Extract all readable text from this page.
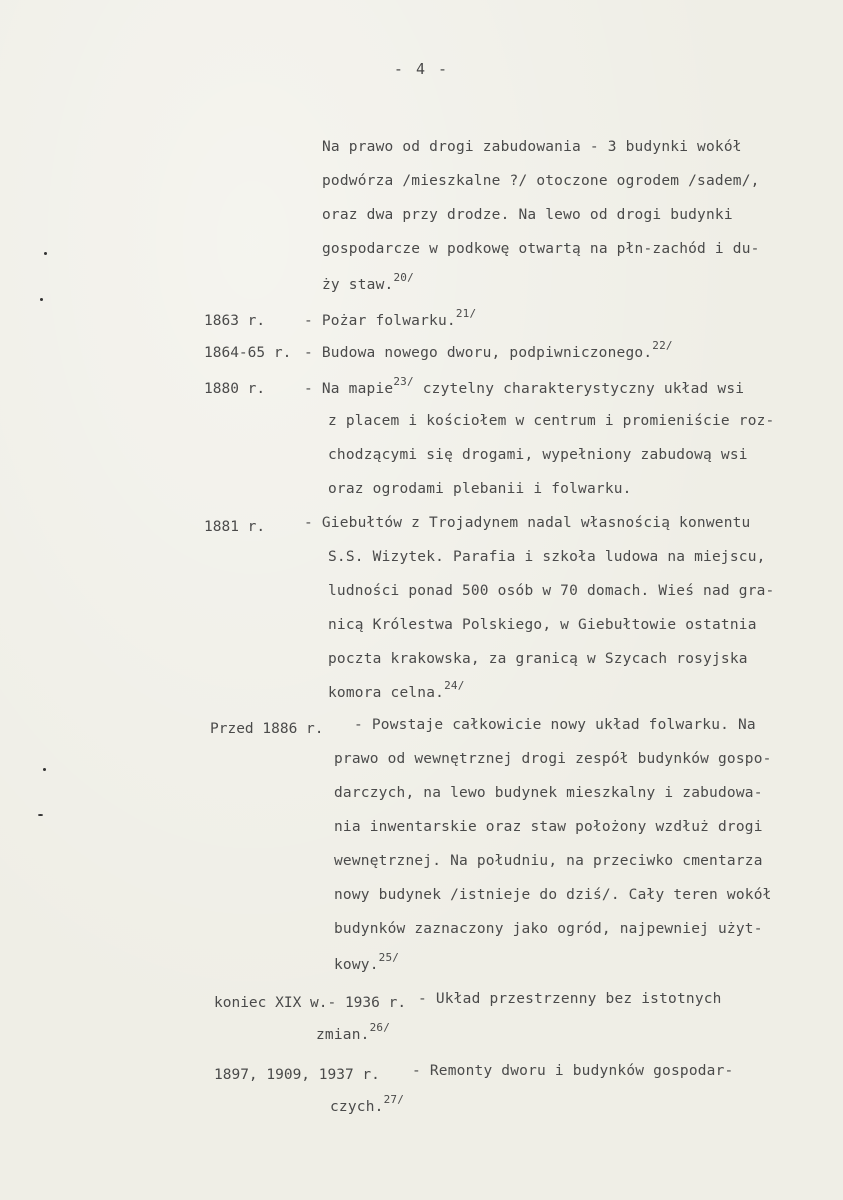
- 4 -
Na prawo od drogi zabudowania - 3 budynki wokół
podwórza /mieszkalne ?/ otoczone ogrodem /sadem/,
oraz dwa przy drodze. Na lewo od drogi budynki
gospodarcze w podkowę otwartą na płn-zachód i du-
ży staw.$^{20/}$
1863 r.	- Pożar folwarku.$^{21/}$
1864-65 r. - Budowa nowego dworu, podpiwniczonego.$^{22/}$
1880 r.	- Na mapie$^{23/}$ czytelny charakterystyczny układ wsi
z placem i kościołem w centrum i promieniście roz-
chodzącymi się drogami, wypełniony zabudową wsi
oraz ogrodami plebanii i folwarku.
1881 r.	- Giebułtów z Trojadynem nadal własnością konwentu
S.S. Wizytek. Parafia i szkoła ludowa na miejscu,
ludności ponad 500 osób w 70 domach. Wieś nad gra-
nicą Królestwa Polskiego, w Giebułtowie ostatnia
poczta krakowska, za granicą w Szycach rosyjska
komora celna.$^{24/}$
Przed 1886 r. - Powstaje całkowicie nowy układ folwarku. Na
prawo od wewnętrznej drogi zespół budynków gospo-
darczych, na lewo budynek mieszkalny i zabudowa-
nia inwentarskie oraz staw położony wzdłuż drogi
wewnętrznej. Na południu, na przeciwko cmentarza
nowy budynek /istnieje do dziś/. Cały teren wokół
budynków zaznaczony jako ogród, najpewniej użyt-
kowy.$^{25/}$
koniec XIX w.- 1936 r. - Układ przestrzenny bez istotnych
zmian.$^{26/}$
1897, 1909, 1937 r. - Remonty dworu i budynków gospodar-
czych.$^{27/}$
